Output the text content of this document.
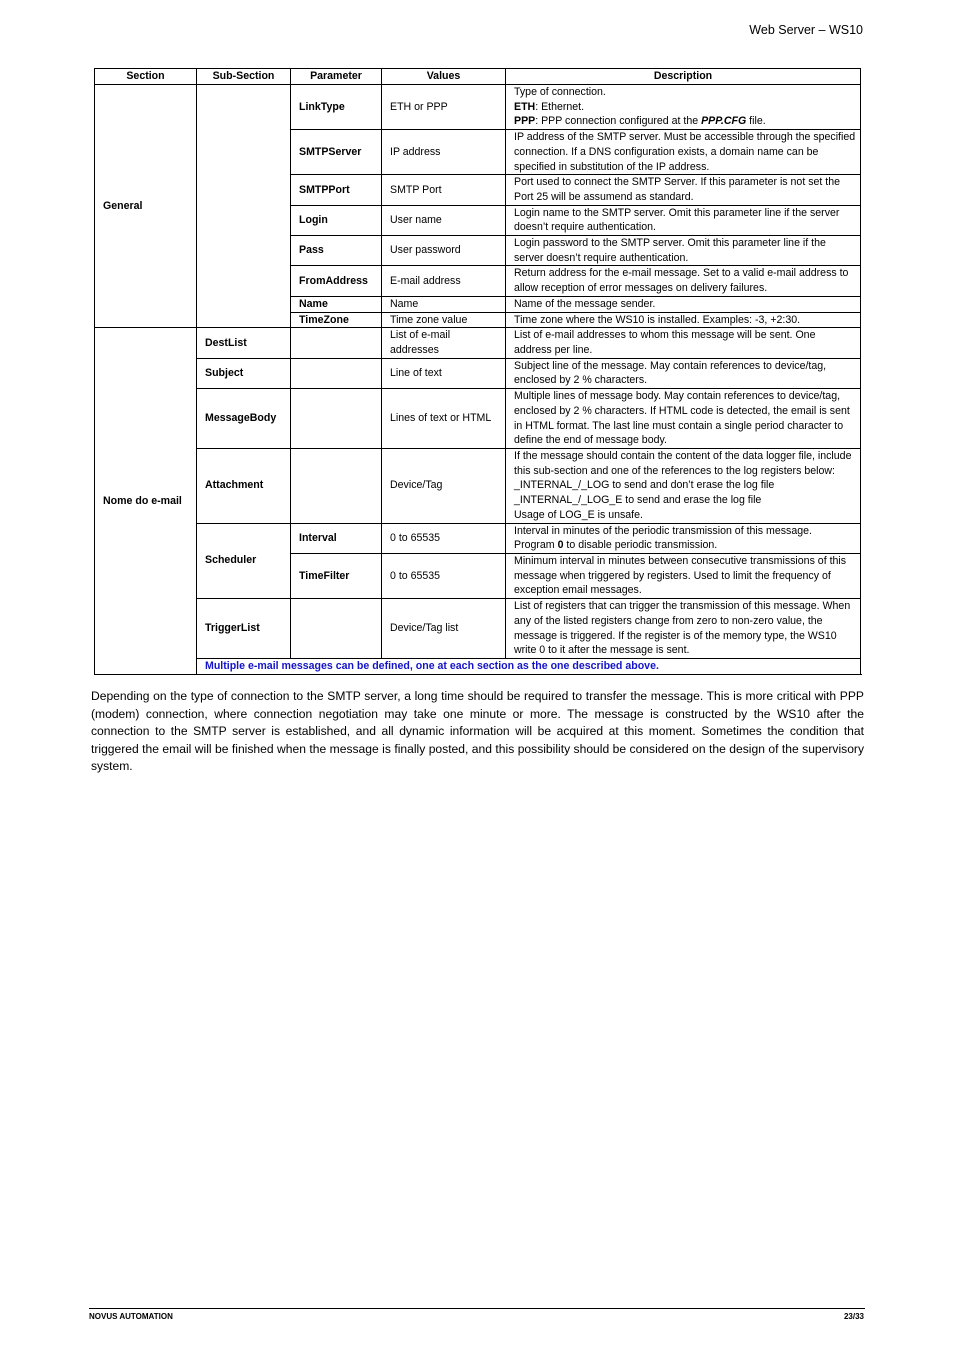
Web Server – WS10
Section	Sub-Section	Parameter	Values	Description
General		LinkType	ETH or PPP	Type of connection.
ETH: Ethernet.
PPP: PPP connection configured at the PPP.CFG file.

		SMTPServer	IP address	IP address of the SMTP server. Must be accessible through the specified connection. If a DNS configuration exists, a domain name can be specified in substitution of the IP address.
		SMTPPort	SMTP Port	Port used to connect the SMTP Server. If this parameter is not set the Port 25 will be assumend as standard.
		Login	User name	Login name to the SMTP server. Omit this parameter line if the server doesn’t require authentication.
		Pass	User password	Login password to the SMTP server. Omit this parameter line if the server doesn’t require authentication.
		FromAddress	E-mail address	Return address for the e-mail message. Set to a valid e-mail address to allow reception of error messages on delivery failures.
		Name	Name	Name of the message sender.
		TimeZone	Time zone value	Time zone where the WS10 is installed. Examples: -3, +2:30.
Nome do e-mail	DestList		List of e-mail addresses	List of e-mail addresses to whom this message will be sent. One address per line.
	Subject		Line of text	Subject line of the message. May contain references to device/tag, enclosed by 2 % characters.
	MessageBody		Lines of text or HTML	Multiple lines of message body. May contain references to device/tag, enclosed by 2 % characters. If HTML code is detected, the email is sent in HTML format. The last line must contain a single period character to define the end of message body.
	Attachment		Device/Tag	If the message should contain the content of the data logger file, include this sub-section and one of the references to the log registers below:
_INTERNAL_/_LOG to send and don’t erase the log file
_INTERNAL_/_LOG_E to send and erase the log file
Usage of LOG_E is unsafe.

	Scheduler	Interval	0 to 65535	Interval in minutes of the periodic transmission of this message.
Program 0 to disable periodic transmission.

		TimeFilter	0 to 65535	Minimum interval in minutes between consecutive transmissions of this message when triggered by registers. Used to limit the frequency of exception email messages.
	TriggerList		Device/Tag list	List of registers that can trigger the transmission of this message. When any of the listed registers change from zero to non-zero value, the message is triggered. If the register is of the memory type, the WS10 write 0 to it after the message is sent.
	Multiple e-mail messages can be defined, one at each section as the one described above.			
Depending on the type of connection to the SMTP server, a long time should be required to transfer the message. This is more critical with PPP (modem) connection, where connection negotiation may take one minute or more. The message is constructed by the WS10 after the connection to the SMTP server is established, and all dynamic information will be acquired at this moment. Sometimes the condition that triggered the email will be finished when the message is finally posted, and this possibility should be considered on the design of the supervisory system.
NOVUS AUTOMATION	23/33
